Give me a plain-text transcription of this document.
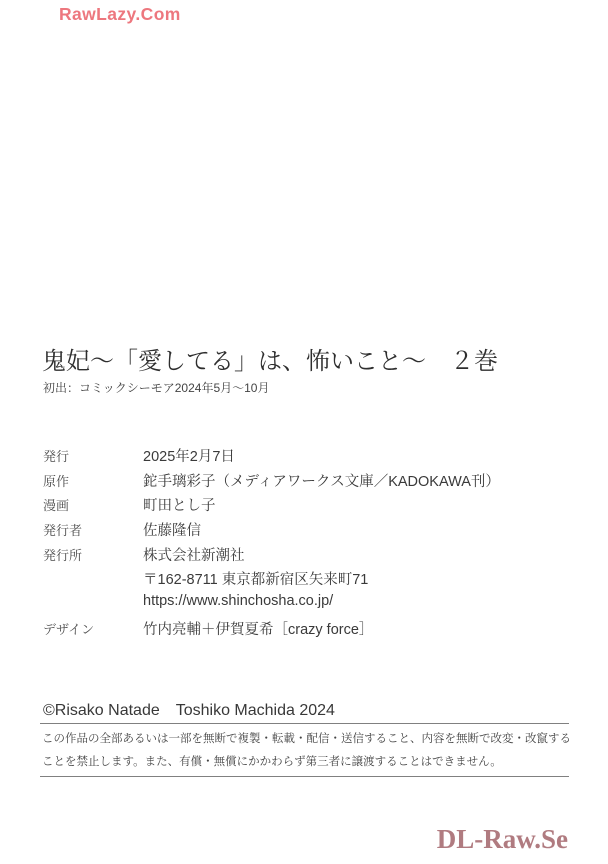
RawLazy.Com
鬼妃～「愛してる」は、怖いこと～　２巻
初出：コミックシーモア2024年5月～10月
発行	2025年2月7日
原作	鉈手璃彩子（メディアワークス文庫／KADOKAWA刊）
漫画	町田とし子
発行者	佐藤隆信
発行所	株式会社新潮社
〒162-8711 東京都新宿区矢来町71
https://www.shinchosha.co.jp/
デザイン	竹内亮輔＋伊賀夏希［crazy force］
©Risako Natade　Toshiko Machida 2024

この作品の全部あるいは一部を無断で複製・転載・配信・送信すること、内容を無断で改変・改竄する

ことを禁止します。また、有償・無償にかかわらず第三者に譲渡することはできません。

DL-Raw.Se
